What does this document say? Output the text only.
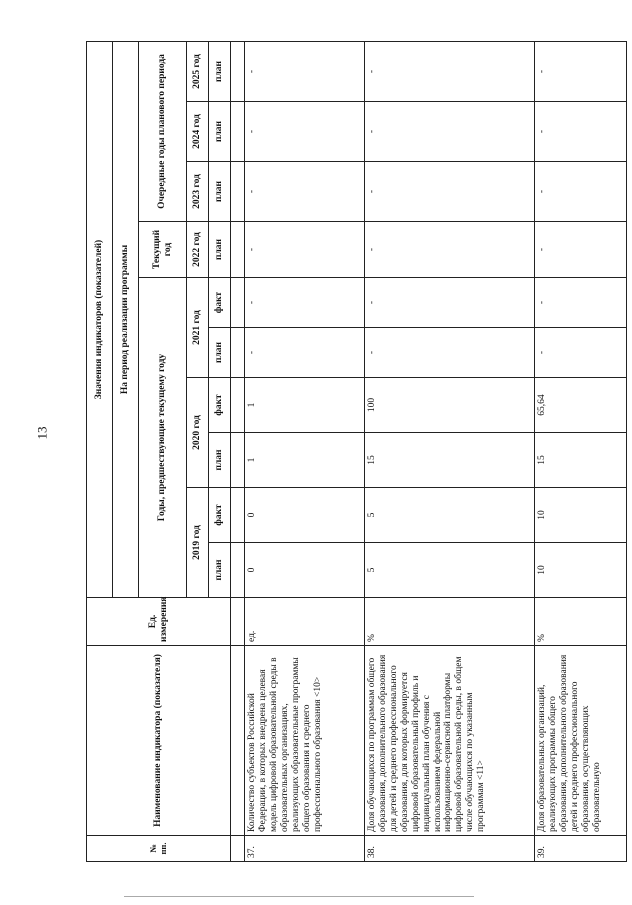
13
№ пп.	Наименование индикатора (показателя)	Ед. измерения	Значения индикаторов (показателей)									
			На период реализации программы									
			Годы, предшествующие текущему году						Текущий год	Очередные годы планового периода		
			2019 год		2020 год		2021 год		2022 год	2023 год	2024 год	2025 год
			план	факт	план	факт	план	факт	план	план	план	план

37.	Количество субъектов Российской Федерации, в которых внедрена целевая модель цифровой образовательной среды в образовательных организациях, реализующих образовательные программы общего образования и среднего профессионального образования <10>	ед.	0	0	1	1	-	-	-	-	-	-
38.	Доля обучающихся по программам общего образования, дополнительного образования для детей и среднего профессионального образования, для которых формируется цифровой образовательный профиль и индивидуальный план обучения с использованием федеральной информационно-сервисной платформы цифровой образовательной среды, в общем числе обучающихся по указанным программам <11>	%	5	5	15	100	-	-	-	-	-	-
39.	Доля образовательных организаций, реализующих программы общего образования, дополнительного образования детей и среднего профессионального образования, осуществляющих образовательную	%	10	10	15	65,64	-	-	-	-	-	-
